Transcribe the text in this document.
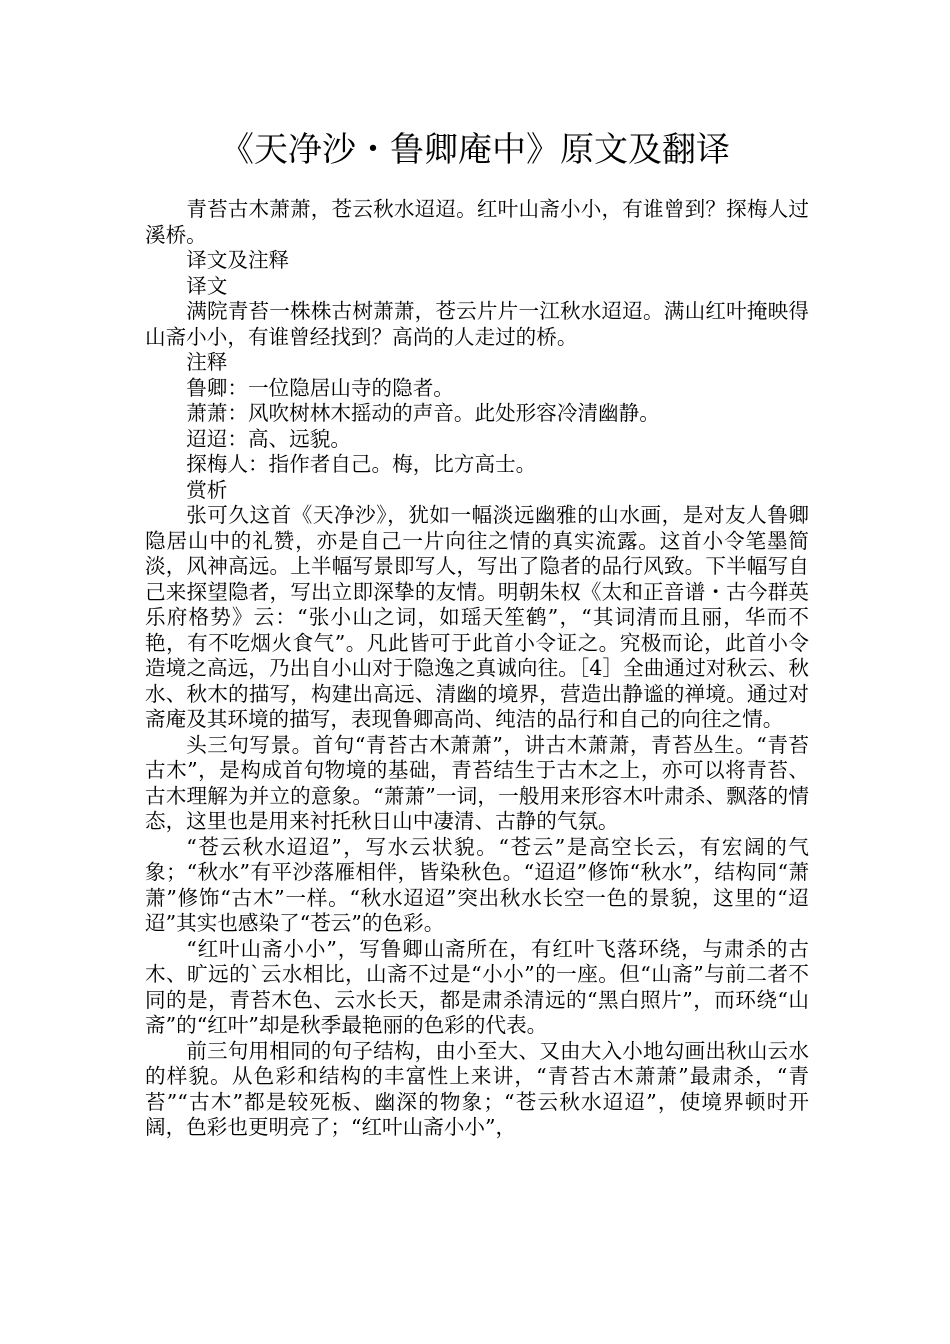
《天净沙・鲁卿庵中》原文及翻译

青苔古木萧萧，苍云秋水迢迢。红叶山斋小小，有谁曾到？探梅人过溪桥。

译文及注释

译文

满院青苔一株株古树萧萧，苍云片片一江秋水迢迢。满山红叶掩映得山斋小小，有谁曾经找到？高尚的人走过的桥。

注释

鲁卿：一位隐居山寺的隐者。

萧萧：风吹树林木摇动的声音。此处形容冷清幽静。

迢迢：高、远貌。

探梅人：指作者自己。梅，比方高士。

赏析

张可久这首《天净沙》，犹如一幅淡远幽雅的山水画，是对友人鲁卿隐居山中的礼赞，亦是自己一片向往之情的真实流露。这首小令笔墨简淡，风神高远。上半幅写景即写人，写出了隐者的品行风致。下半幅写自己来探望隐者，写出立即深挚的友情。明朝朱权《太和正音谱・古今群英乐府格势》云：“张小山之词，如瑶天笙鹤”，“其词清而且丽，华而不艳，有不吃烟火食气”。凡此皆可于此首小令证之。究极而论，此首小令造境之高远，乃出自小山对于隐逸之真诚向往。［4］全曲通过对秋云、秋水、秋木的描写，构建出高远、清幽的境界，营造出静谧的禅境。通过对斋庵及其环境的描写，表现鲁卿高尚、纯洁的品行和自己的向往之情。

头三句写景。首句“青苔古木萧萧”，讲古木萧萧，青苔丛生。“青苔古木”，是构成首句物境的基础，青苔结生于古木之上，亦可以将青苔、古木理解为并立的意象。“萧萧”一词，一般用来形容木叶肃杀、飘落的情态，这里也是用来衬托秋日山中凄清、古静的气氛。

“苍云秋水迢迢”，写水云状貌。“苍云”是高空长云，有宏阔的气象；“秋水”有平沙落雁相伴，皆染秋色。“迢迢”修饰“秋水”，结构同“萧萧”修饰“古木”一样。“秋水迢迢”突出秋水长空一色的景貌，这里的“迢迢”其实也感染了“苍云”的色彩。

“红叶山斋小小”，写鲁卿山斋所在，有红叶飞落环绕，与肃杀的古木、旷远的`云水相比，山斋不过是“小小”的一座。但“山斋”与前二者不同的是，青苔木色、云水长天，都是肃杀清远的“黑白照片”，而环绕“山斋”的“红叶”却是秋季最艳丽的色彩的代表。

前三句用相同的句子结构，由小至大、又由大入小地勾画出秋山云水的样貌。从色彩和结构的丰富性上来讲，“青苔古木萧萧”最肃杀，“青苔”“古木”都是较死板、幽深的物象；“苍云秋水迢迢”，使境界顿时开阔，色彩也更明亮了；“红叶山斋小小”，
